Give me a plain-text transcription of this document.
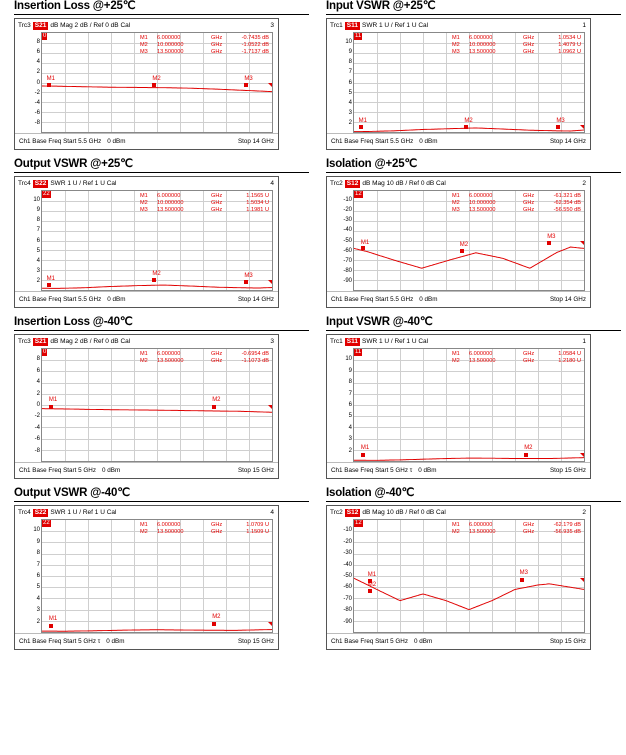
Insertion Loss @+25℃
Trc3 S21 dB Mag 2 dB / Ref 0 dB Cal	3
8
6
4
2
0
-2
-4
-6
-8
0	M1 6.000000	GHz	-0.7435 dB
M2 10.000000	GHz	-1.0522 dB
M3 13.500000	GHz	-1.7137 dB
M1	M2	M3
Ch1 Base Freq Start 5.5 GHz 0 dBm	Stop 14 GHz
Output VSWR @+25℃
Trc4 S22 SWR 1 U / Ref 1 U Cal	4
10
9
8
7
6
5
4
3
2
22	M1 6.000000	GHz	1.1565 U
M2 10.000000	GHz	1.5034 U
M3 13.500000	GHz	1.1981 U
M1
M2	M3
Ch1 Base Freq Start 5.5 GHz 0 dBm	Stop 14 GHz
Insertion Loss @-40℃
Trc3 S21 dB Mag 2 dB / Ref 0 dB Cal	3
8
6
4
2
0
-2
-4
-6
-8
0	M1 6.000000	GHz	-0.6954 dB
M2 13.500000	GHz	-1.1073 dB
M1	M2
Ch1 Base Freq Start 5 GHz 0 dBm	Stop 15 GHz
Output VSWR @-40℃
Trc4 S22 SWR 1 U / Ref 1 U Cal	4
10
9
8
7
6
5
4
3
2
22	M1 6.000000	GHz	1.0709 U
M2 13.500000	GHz	1.1509 U
M1	M2
Ch1 Base Freq Start 5 GHz τ 0 dBm	Stop 15 GHz
Input VSWR @+25℃
Trc1 S11 SWR 1 U / Ref 1 U Cal	1
10
9
8
7
6
5
4
3
2
11	M1 6.000000	GHz	1.0534 U
M2 10.000000	GHz	1.4079 U
M3 13.500000	GHz	1.0962 U
M1	M2	M3
Ch1 Base Freq Start 5.5 GHz 0 dBm	Stop 14 GHz
Isolation @+25℃
Trc2 S12 dB Mag 10 dB / Ref 0 dB Cal	2
-10
-20
-30
-40
-50
-60
-70
-80
-90
12	M1 6.000000	GHz	-61.321 dB
M2 10.000000	GHz	-62.354 dB
M3 13.500000	GHz	-56.550 dB
M1	M2
M3
Ch1 Base Freq Start 5.5 GHz 0 dBm	Stop 14 GHz
Input VSWR @-40℃
Trc1 S11 SWR 1 U / Ref 1 U Cal	1
10
9
8
7
6
5
4
3
2
11	M1 6.000000	GHz	1.0584 U
M2 13.500000	GHz	1.2180 U
M1	M2
Ch1 Base Freq Start 5 GHz τ 0 dBm	Stop 15 GHz
Isolation @-40℃
Trc2 S12 dB Mag 10 dB / Ref 0 dB Cal	2
-10
-20
-30
-40
-50
-60
-70
-80
-90
12	M1 6.000000	GHz	-62.1?9 dB
M2 13.500000	GHz	-56.935 dB
M1
M2
M3
Ch1 Base Freq Start 5 GHz 0 dBm	Stop 15 GHz
